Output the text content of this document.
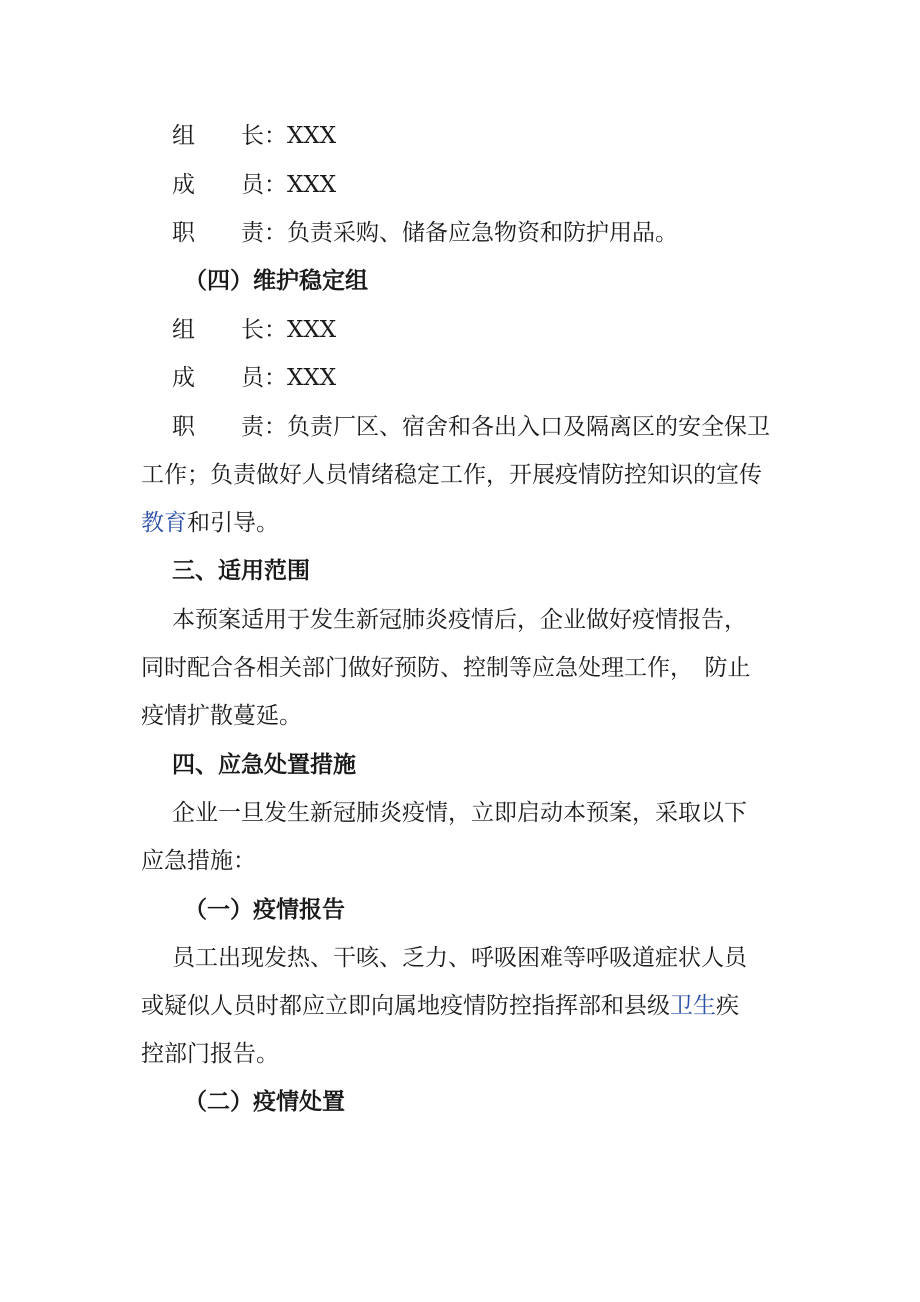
组　　长：XXX
成　　员：XXX
职　　责：负责采购、储备应急物资和防护用品。
（四）维护稳定组
组　　长：XXX
成　　员：XXX
职　　责：负责厂区、宿舍和各出入口及隔离区的安全保卫
工作；负责做好人员情绪稳定工作，开展疫情防控知识的宣传
教育和引导。
三、适用范围
本预案适用于发生新冠肺炎疫情后，企业做好疫情报告，
同时配合各相关部门做好预防、控制等应急处理工作，　防止
疫情扩散蔓延。
四、应急处置措施
企业一旦发生新冠肺炎疫情，立即启动本预案，采取以下
应急措施：
（一）疫情报告
员工出现发热、干咳、乏力、呼吸困难等呼吸道症状人员
或疑似人员时都应立即向属地疫情防控指挥部和县级卫生疾
控部门报告。
（二）疫情处置
